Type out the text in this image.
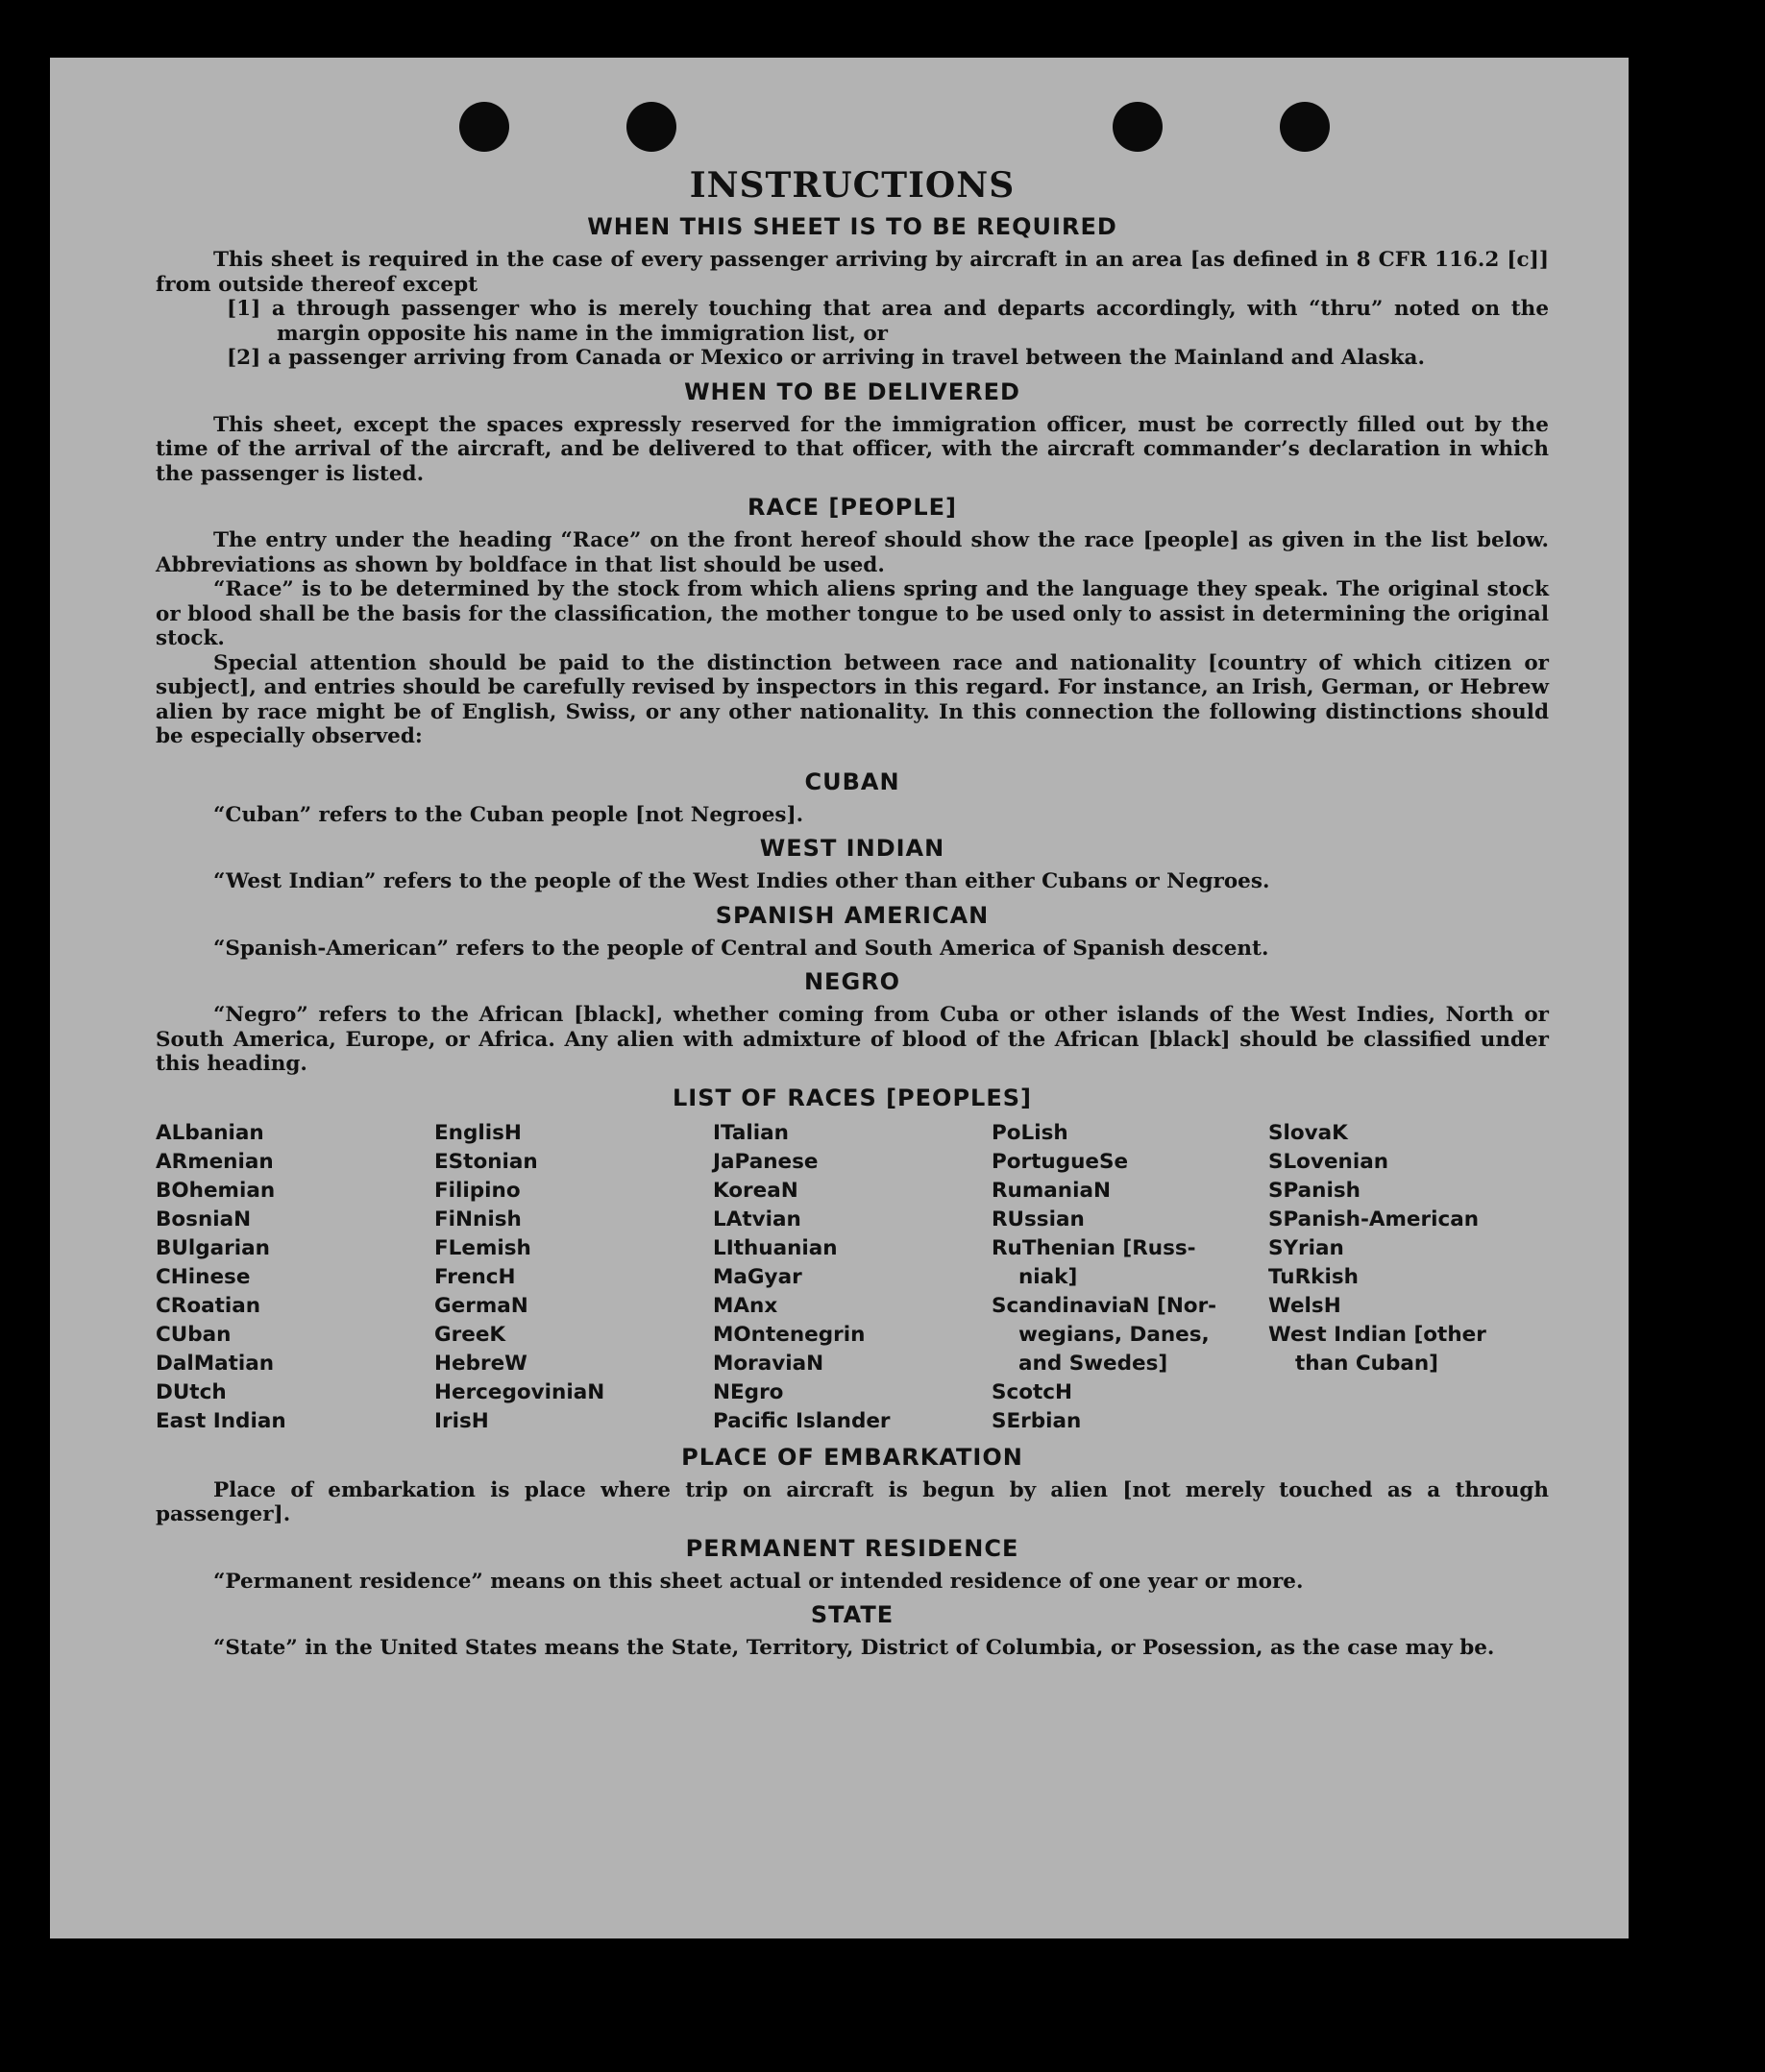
INSTRUCTIONS
WHEN THIS SHEET IS TO BE REQUIRED

This sheet is required in the case of every passenger arriving by aircraft in an area [as defined in 8 CFR 116.2 [c]] from outside thereof except

[1] a through passenger who is merely touching that area and departs accordingly, with “thru” noted on the margin opposite his name in the immigration list, or

[2] a passenger arriving from Canada or Mexico or arriving in travel between the Mainland and Alaska.

WHEN TO BE DELIVERED

This sheet, except the spaces expressly reserved for the immigration officer, must be correctly filled out by the time of the arrival of the aircraft, and be delivered to that officer, with the aircraft commander’s declaration in which the passenger is listed.

RACE [PEOPLE]

The entry under the heading “Race” on the front hereof should show the race [people] as given in the list below. Abbreviations as shown by boldface in that list should be used.

“Race” is to be determined by the stock from which aliens spring and the language they speak. The original stock or blood shall be the basis for the classification, the mother tongue to be used only to assist in determining the original stock.

Special attention should be paid to the distinction between race and nationality [country of which citizen or subject], and entries should be carefully revised by inspectors in this regard. For instance, an Irish, German, or Hebrew alien by race might be of English, Swiss, or any other nationality. In this connection the following distinctions should be especially observed:

CUBAN

“Cuban” refers to the Cuban people [not Negroes].

WEST INDIAN

“West Indian” refers to the people of the West Indies other than either Cubans or Negroes.

SPANISH AMERICAN

“Spanish-American” refers to the people of Central and South America of Spanish descent.

NEGRO

“Negro” refers to the African [black], whether coming from Cuba or other islands of the West Indies, North or South America, Europe, or Africa. Any alien with admixture of blood of the African [black] should be classified under this heading.

LIST OF RACES [PEOPLES]
ALbanian
ARmenian
BOhemian
BosniaN
BUlgarian
CHinese
CRoatian
CUban
DalMatian
DUtch
East Indian
EnglisH
EStonian
Filipino
FiNnish
FLemish
FrencH
GermaN
GreeK
HebreW
HercegoviniaN
IrisH
ITalian
JaPanese
KoreaN
LAtvian
LIthuanian
MaGyar
MAnx
MOntenegrin
MoraviaN
NEgro
Pacific Islander
PoLish
PortugueSe
RumaniaN
RUssian
RuThenian [Russ-
niak]
ScandinaviaN [Nor-
wegians, Danes,
and Swedes]
ScotcH
SErbian
SlovaK
SLovenian
SPanish
SPanish-American
SYrian
TuRkish
WelsH
West Indian [other
than Cuban]
PLACE OF EMBARKATION

Place of embarkation is place where trip on aircraft is begun by alien [not merely touched as a through passenger].

PERMANENT RESIDENCE

“Permanent residence” means on this sheet actual or intended residence of one year or more.

STATE

“State” in the United States means the State, Territory, District of Columbia, or Posession, as the case may be.
